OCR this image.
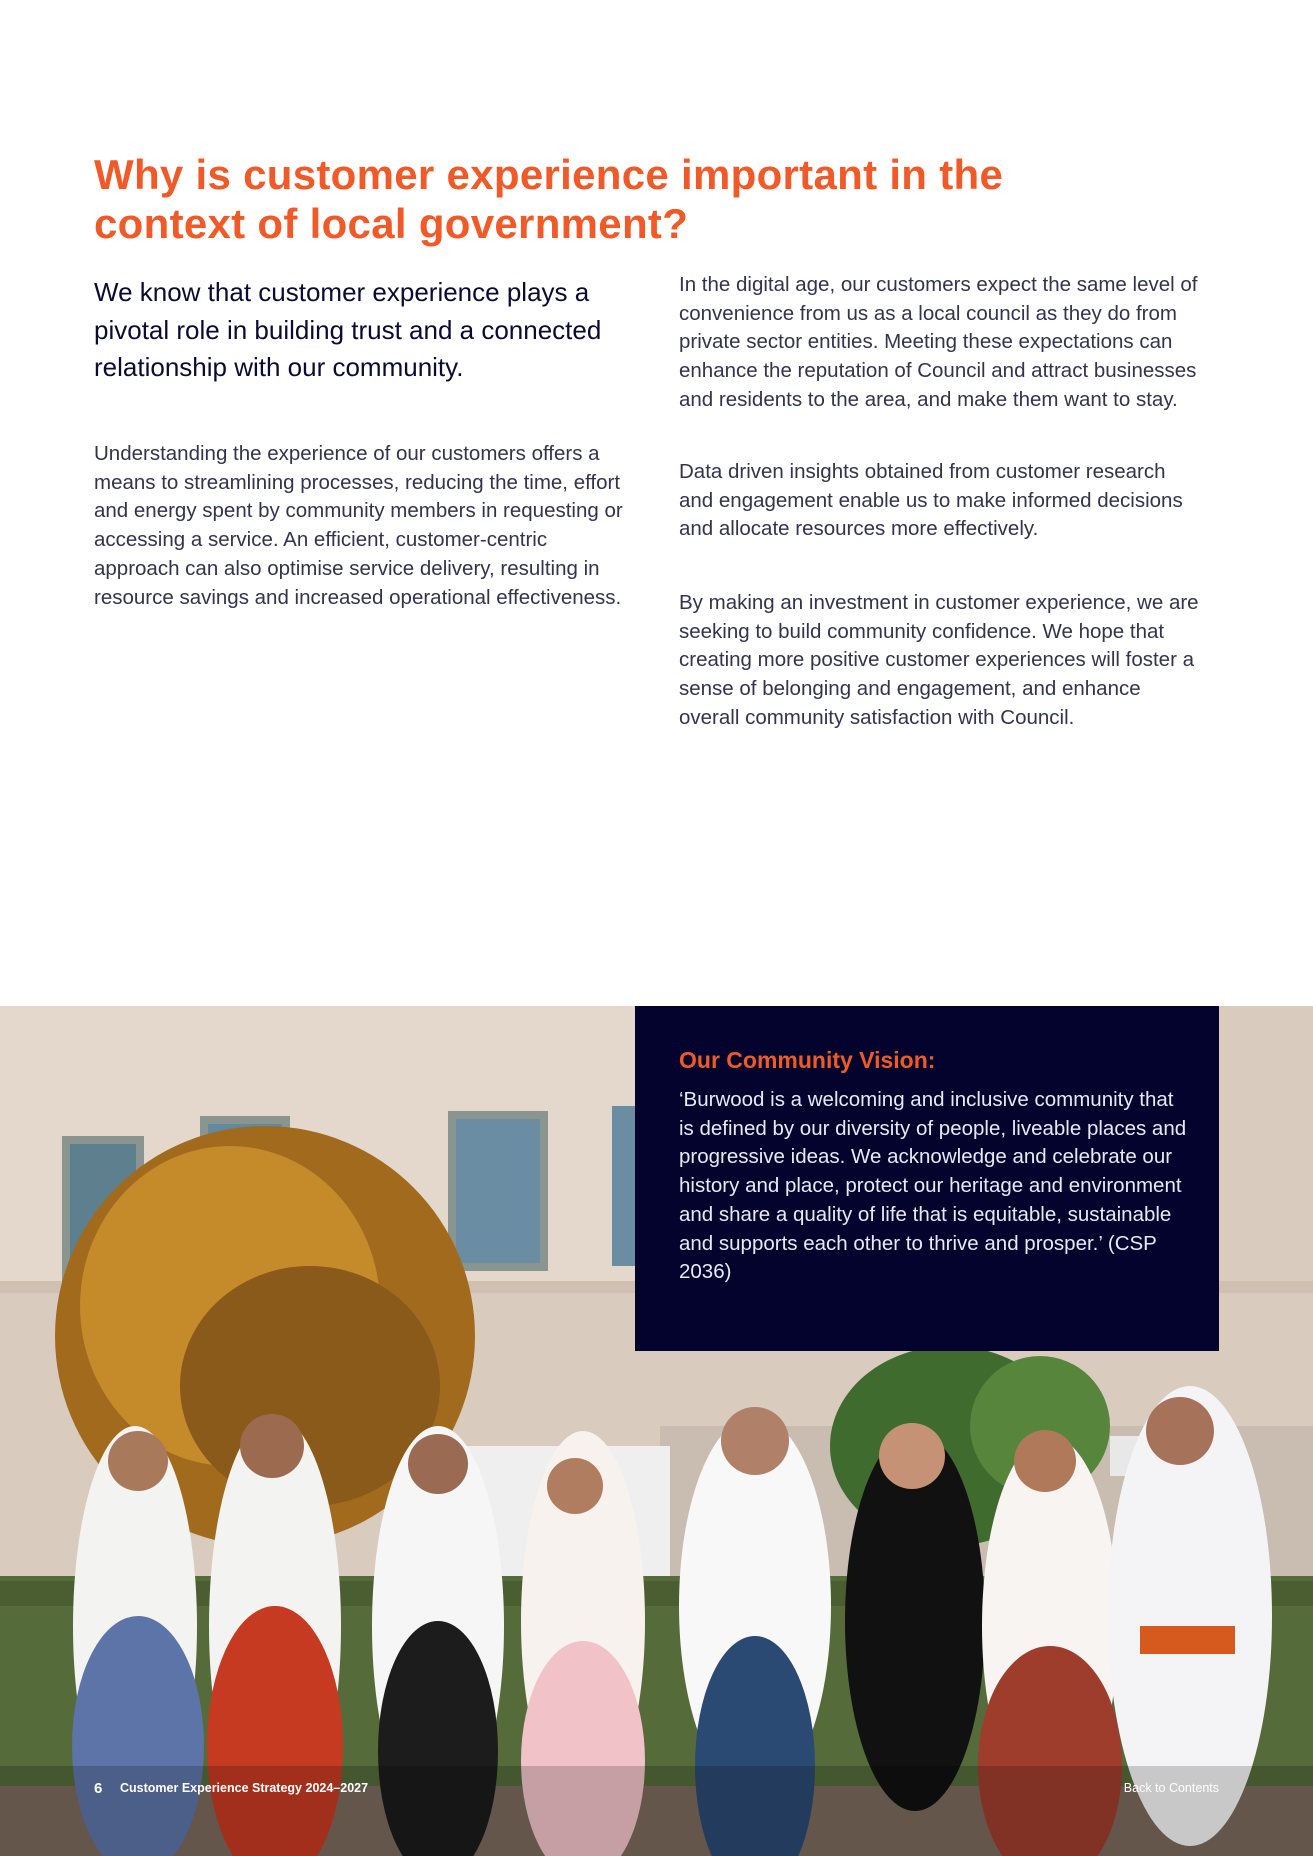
Why is customer experience important in the context of local government?
We know that customer experience plays a pivotal role in building trust and a connected relationship with our community.

Understanding the experience of our customers offers a means to streamlining processes, reducing the time, effort and energy spent by community members in requesting or accessing a service. An efficient, customer-centric approach can also optimise service delivery, resulting in resource savings and increased operational effectiveness.

In the digital age, our customers expect the same level of convenience from us as a local council as they do from private sector entities. Meeting these expectations can enhance the reputation of Council and attract businesses and residents to the area, and make them want to stay.

Data driven insights obtained from customer research and engagement enable us to make informed decisions and allocate resources more effectively.

By making an investment in customer experience, we are seeking to build community confidence. We hope that creating more positive customer experiences will foster a sense of belonging and engagement, and enhance overall community satisfaction with Council.

Our Community Vision:

‘Burwood is a welcoming and inclusive community that is defined by our diversity of people, liveable places and progressive ideas. We acknowledge and celebrate our history and place, protect our heritage and environment and share a quality of life that is equitable, sustainable and supports each other to thrive and prosper.’ (CSP 2036)

6 Customer Experience Strategy 2024–2027	Back to Contents
